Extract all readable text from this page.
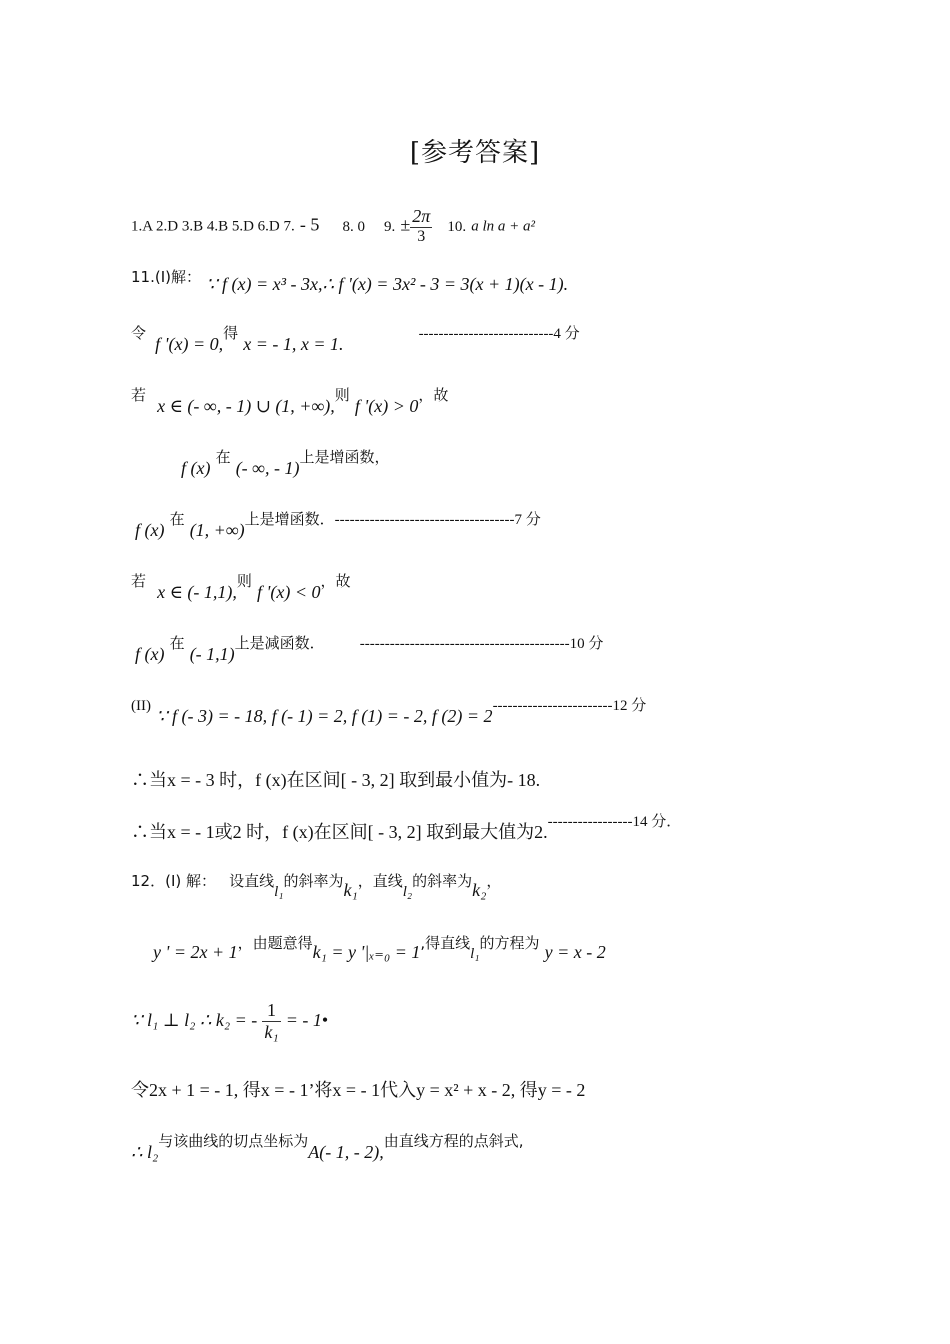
[参考答案]
1.A 2.D 3.B 4.B 5.D 6.D 7. - 5 8. 0 9. ± $\frac{2\pi}{3} 10$. a ln a + a²
11.(I)解： ∵ f (x) = x³ - 3x,∴ f '(x) = 3x² - 3 = 3(x + 1)(x - 1).
令 f '(x) = 0,得 x = - 1, x = 1.	---------------------------4 分
若 x ∈ (- ∞, - 1) ∪ (1, +∞),则 f '(x) > 0，故
f (x) 在 (- ∞, - 1)上是增函数，
f (x) 在 (1, +∞)上是增函数．------------------------------------7 分
若 x ∈ (- 1,1),则 f '(x) < 0，故
f (x) 在 (- 1,1)上是减函数． ------------------------------------------10 分
(II) ∵ f (- 3) = - 18, f (- 1) = 2, f (1) = - 2, f (2) = 2------------------------12 分
∴当x = - 3 时，f (x)在区间[ - 3, 2] 取到最小值为- 18.
∴当x = - 1或2 时，f (x)在区间[ - 3, 2] 取到最大值为2.-----------------14 分．
12．(I) 解： 设直线l₁的斜率为k₁，直线l₂的斜率为k₂，
y ' = 2x + 1，由题意得k₁ = y '|ₓ₌₀ = 1,得直线l₁的方程为 y = x - 2
∵ l₁ ⊥ l₂ ∴ k₂ = - $\frac{1}{\text{k₁}}$ = - 1•
令2x + 1 = - 1, 得x = - 1’将x = - 1代入y = x² + x - 2, 得y = - 2
∴ l₂与该曲线的切点坐标为A(- 1, - 2),由直线方程的点斜式,
